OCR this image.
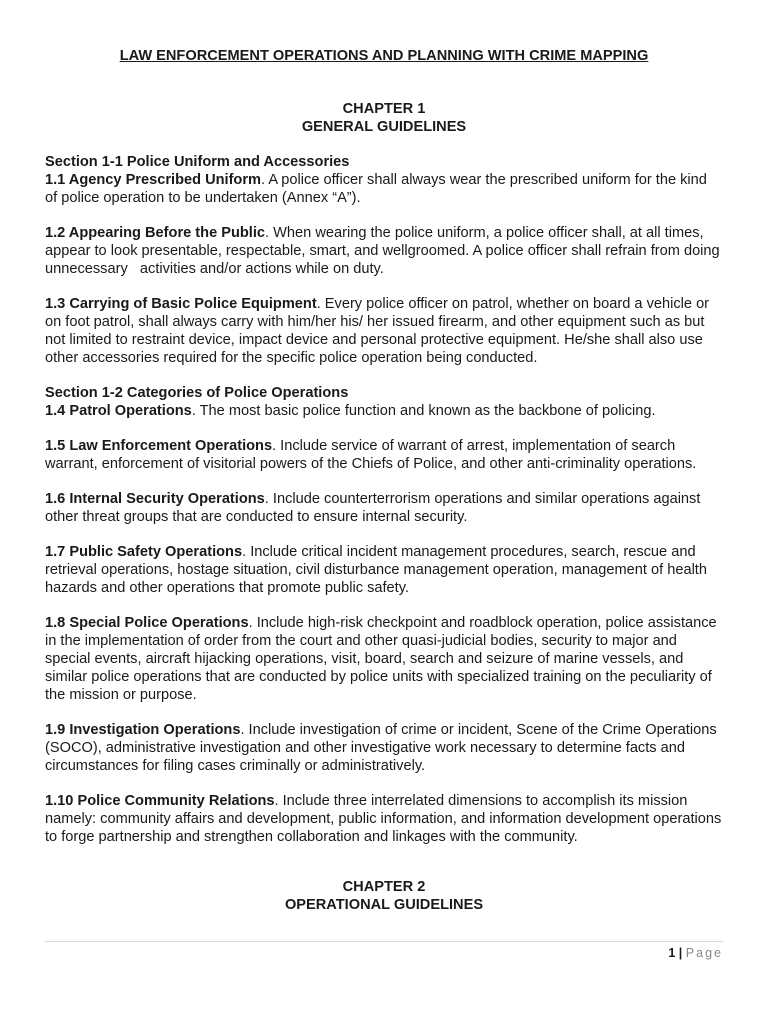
LAW ENFORCEMENT OPERATIONS AND PLANNING WITH CRIME MAPPING
CHAPTER 1
GENERAL GUIDELINES
Section 1-1 Police Uniform and Accessories

1.1 Agency Prescribed Uniform. A police officer shall always wear the prescribed uniform for the kind of police operation to be undertaken (Annex “A”).

1.2 Appearing Before the Public. When wearing the police uniform, a police officer shall, at all times, appear to look presentable, respectable, smart, and wellgroomed. A police officer shall refrain from doing unnecessary   activities and/or actions while on duty.

1.3 Carrying of Basic Police Equipment. Every police officer on patrol, whether on board a vehicle or on foot patrol, shall always carry with him/her his/ her issued firearm, and other equipment such as but not limited to restraint device, impact device and personal protective equipment. He/she shall also use other accessories required for the specific police operation being conducted.

Section 1-2 Categories of Police Operations

1.4 Patrol Operations. The most basic police function and known as the backbone of policing.

1.5 Law Enforcement Operations. Include service of warrant of arrest, implementation of search warrant, enforcement of visitorial powers of the Chiefs of Police, and other anti-criminality operations.

1.6 Internal Security Operations. Include counterterrorism operations and similar operations against other threat groups that are conducted to ensure internal security.

1.7 Public Safety Operations. Include critical incident management procedures, search, rescue and retrieval operations, hostage situation, civil disturbance management operation, management of health hazards and other operations that promote public safety.

1.8 Special Police Operations. Include high-risk checkpoint and roadblock operation, police assistance in the implementation of order from the court and other quasi-judicial bodies, security to major and special events, aircraft hijacking operations, visit, board, search and seizure of marine vessels, and similar police operations that are conducted by police units with specialized training on the peculiarity of the mission or purpose.

1.9 Investigation Operations. Include investigation of crime or incident, Scene of the Crime Operations (SOCO), administrative investigation and other investigative work necessary to determine facts and circumstances for filing cases criminally or administratively.

1.10 Police Community Relations. Include three interrelated dimensions to accomplish its mission namely: community affairs and development, public information, and information development operations to forge partnership and strengthen collaboration and linkages with the community.

CHAPTER 2
OPERATIONAL GUIDELINES
1 | Page
